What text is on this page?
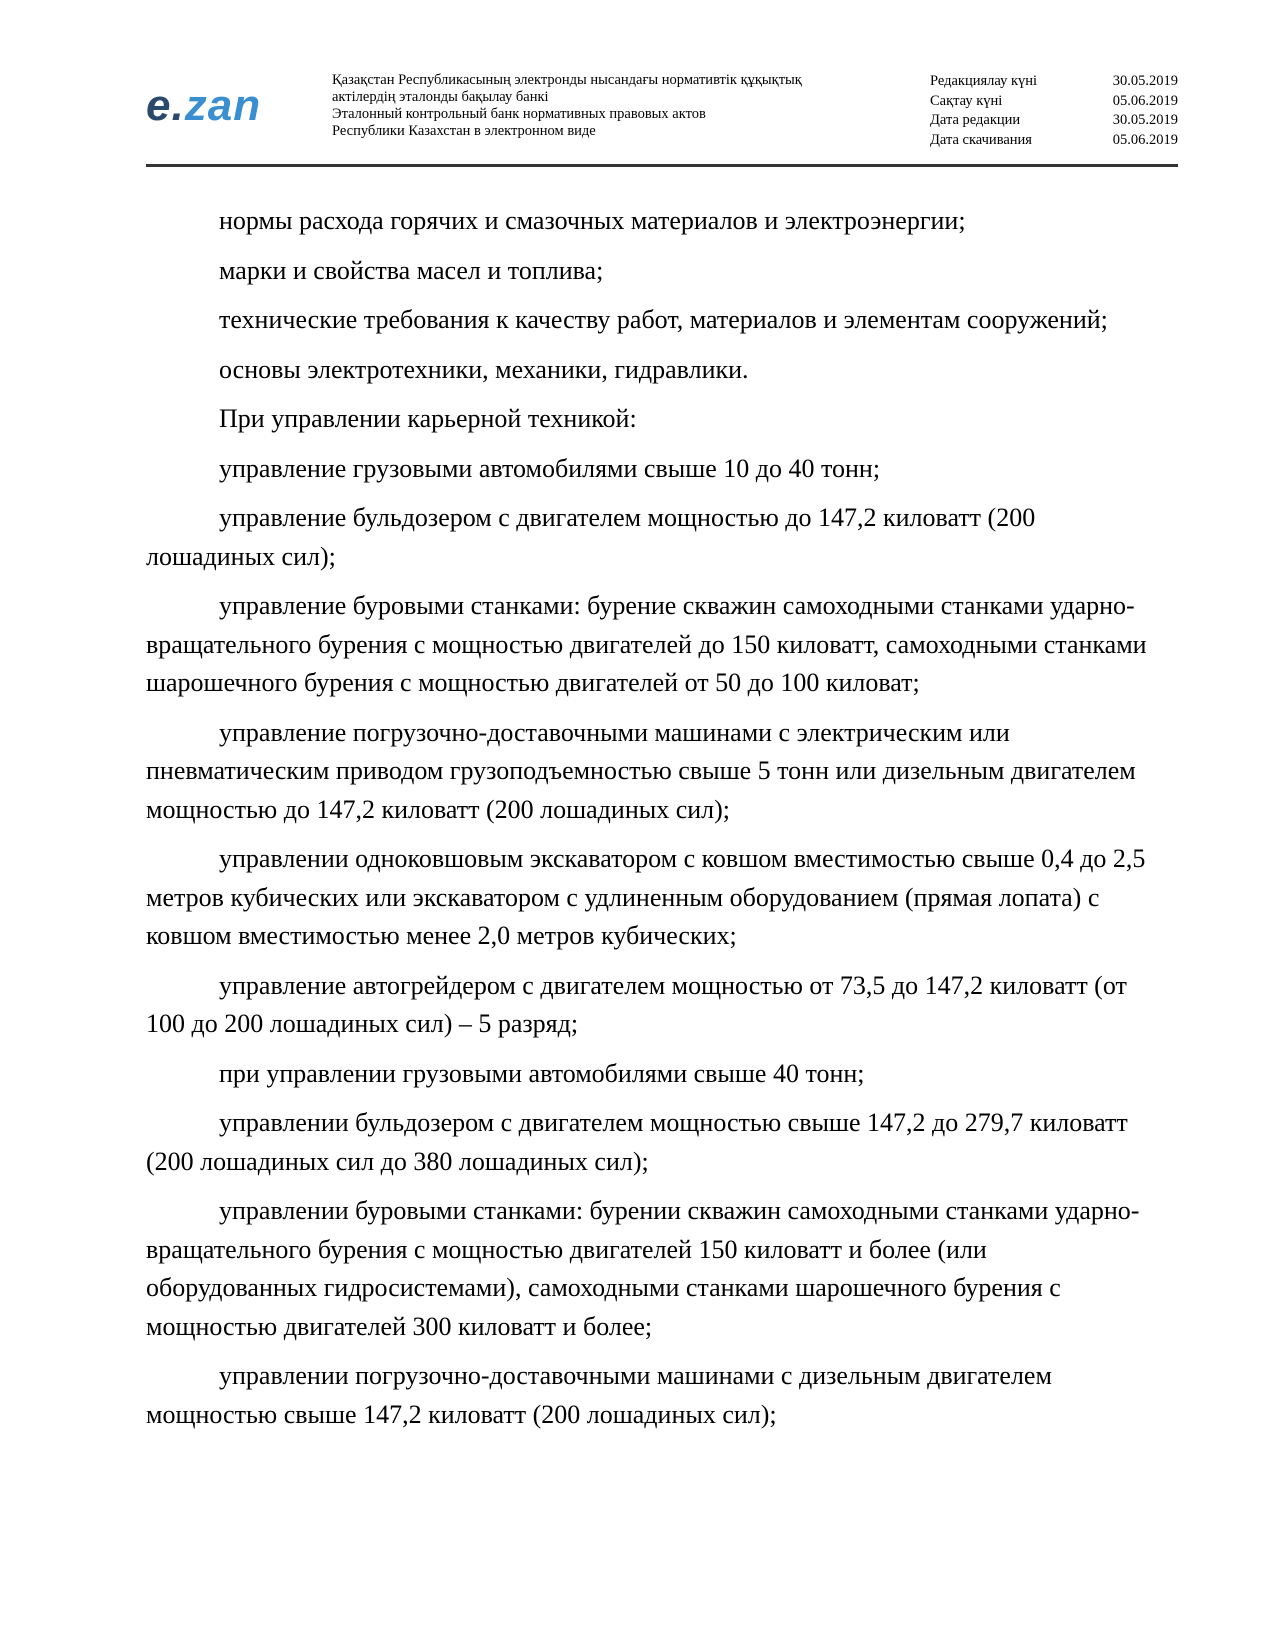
e.zan
Қазақстан Республикасының электронды нысандағы нормативтік құқықтық
актілердің эталонды бақылау банкі
Эталонный контрольный банк нормативных правовых актов
Республики Казахстан в электронном виде
Редакциялау күні	30.05.2019
Сақтау күні	05.06.2019
Дата редакции	30.05.2019
Дата скачивания	05.06.2019

нормы расхода горячих и смазочных материалов и электроэнергии;

марки и свойства масел и топлива;

технические требования к качеству работ, материалов и элементам сооружений;

основы электротехники, механики, гидравлики.

При управлении карьерной техникой:

управление грузовыми автомобилями свыше 10 до 40 тонн;

управление бульдозером с двигателем мощностью до 147,2 киловатт (200 лошадиных сил);

управление буровыми станками: бурение скважин самоходными станками ударно-вращательного бурения с мощностью двигателей до 150 киловатт, самоходными станками шарошечного бурения с мощностью двигателей от 50 до 100 киловат;

управление погрузочно-доставочными машинами с электрическим или пневматическим приводом грузоподъемностью свыше 5 тонн или дизельным двигателем мощностью до 147,2 киловатт (200 лошадиных сил);

управлении одноковшовым экскаватором с ковшом вместимостью свыше 0,4 до 2,5 метров кубических или экскаватором с удлиненным оборудованием (прямая лопата) с ковшом вместимостью менее 2,0 метров кубических;

управление автогрейдером с двигателем мощностью от 73,5 до 147,2 киловатт (от 100 до 200 лошадиных сил) – 5 разряд;

при управлении грузовыми автомобилями свыше 40 тонн;

управлении бульдозером с двигателем мощностью свыше 147,2 до 279,7 киловатт (200 лошадиных сил до 380 лошадиных сил);

управлении буровыми станками: бурении скважин самоходными станками ударно-вращательного бурения с мощностью двигателей 150 киловатт и более (или оборудованных гидросистемами), самоходными станками шарошечного бурения с мощностью двигателей 300 киловатт и более;

управлении погрузочно-доставочными машинами с дизельным двигателем мощностью свыше 147,2 киловатт (200 лошадиных сил);
